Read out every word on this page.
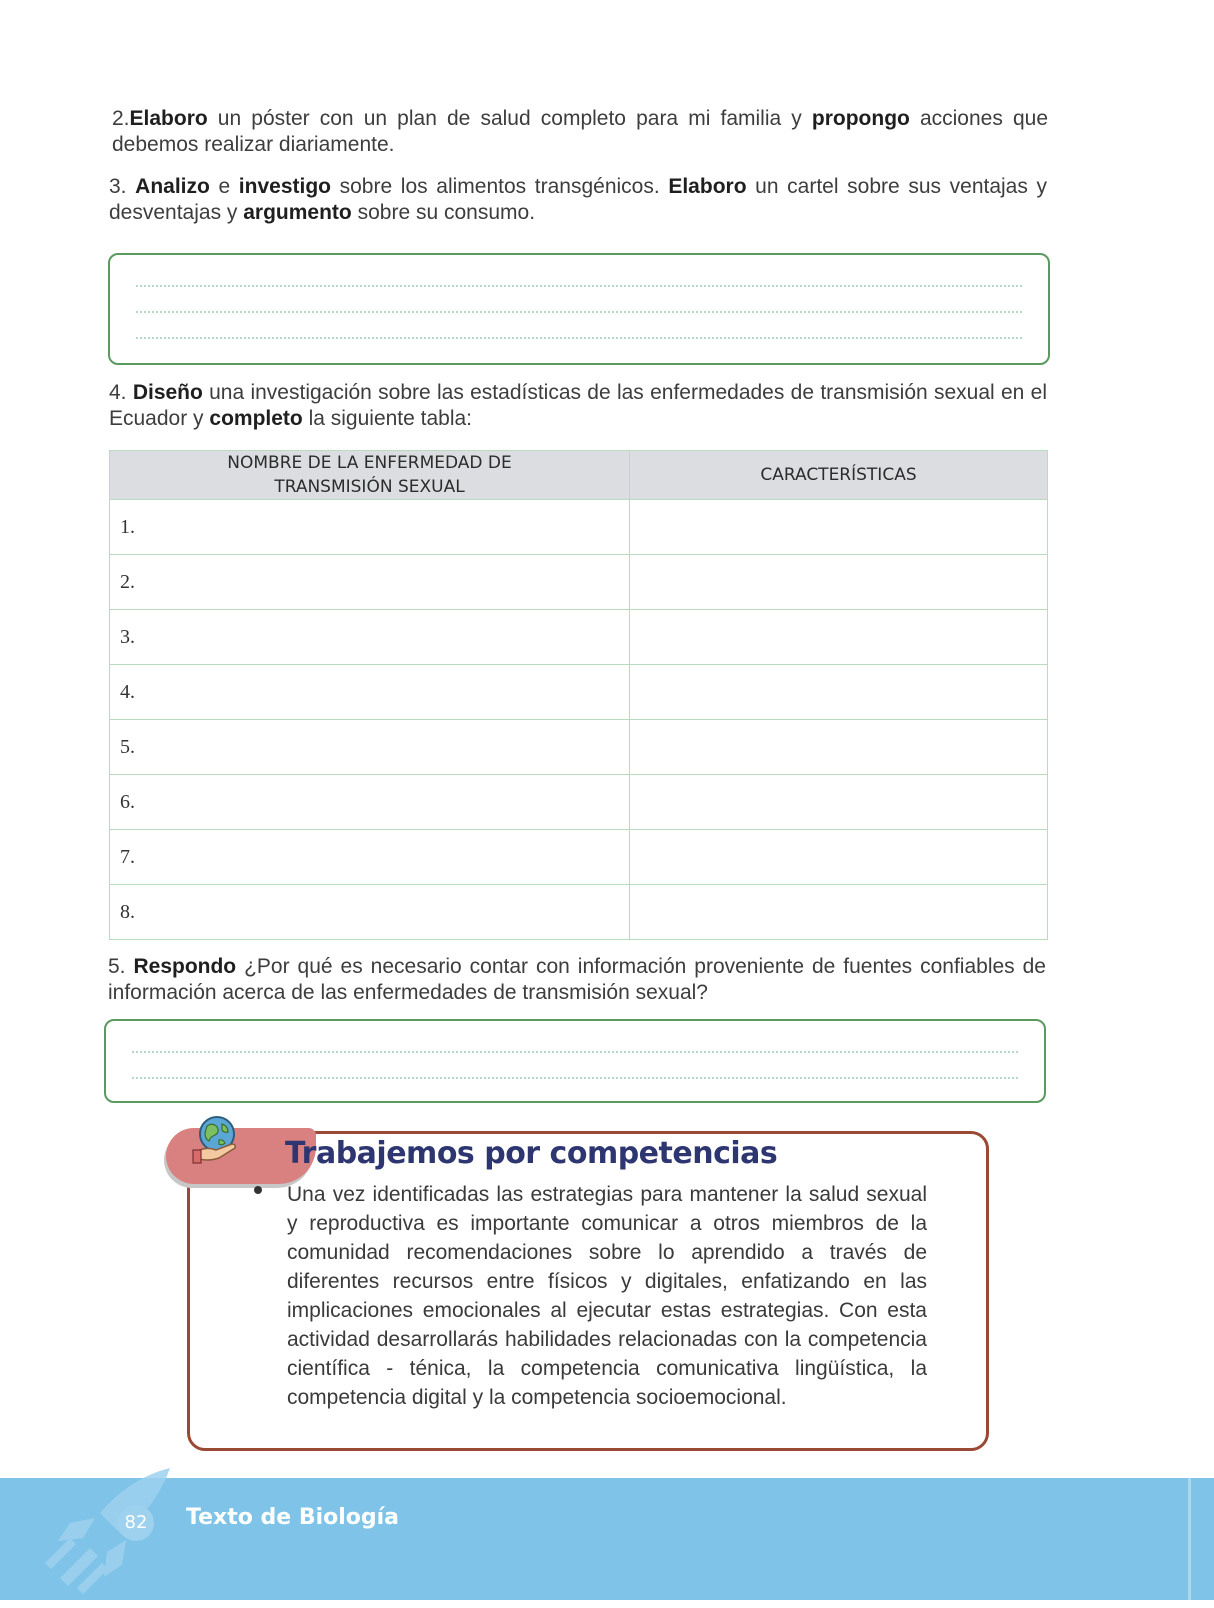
2.Elaboro un póster con un plan de salud completo para mi familia y propongo acciones que debemos realizar diariamente.
3. Analizo e investigo sobre los alimentos transgénicos. Elaboro un cartel sobre sus ventajas y desventajas y argumento sobre su consumo.
4. Diseño una investigación sobre las estadísticas de las enfermedades de transmisión sexual en el Ecuador y completo la siguiente tabla:
NOMBRE DE LA ENFERMEDAD DE TRANSMISIÓN SEXUAL	CARACTERÍSTICAS
1.	
2.	
3.	
4.	
5.	
6.	
7.	
8.	
5. Respondo ¿Por qué es necesario contar con información proveniente de fuentes confiables de información acerca de las enfermedades de transmisión sexual?
Trabajemos por competencias
Una vez identificadas las estrategias para mantener la salud sexual y reproductiva es importante comunicar a otros miembros de la comunidad recomendaciones sobre lo aprendido a través de diferentes recursos entre físicos y digitales, enfatizando en las implicaciones emocionales al ejecutar estas estrategias. Con esta actividad desarrollarás habilidades relacionadas con la competencia científica - ténica, la competencia comunicativa lingüística, la competencia digital y la competencia socioemocional.
82 Texto de Biología
